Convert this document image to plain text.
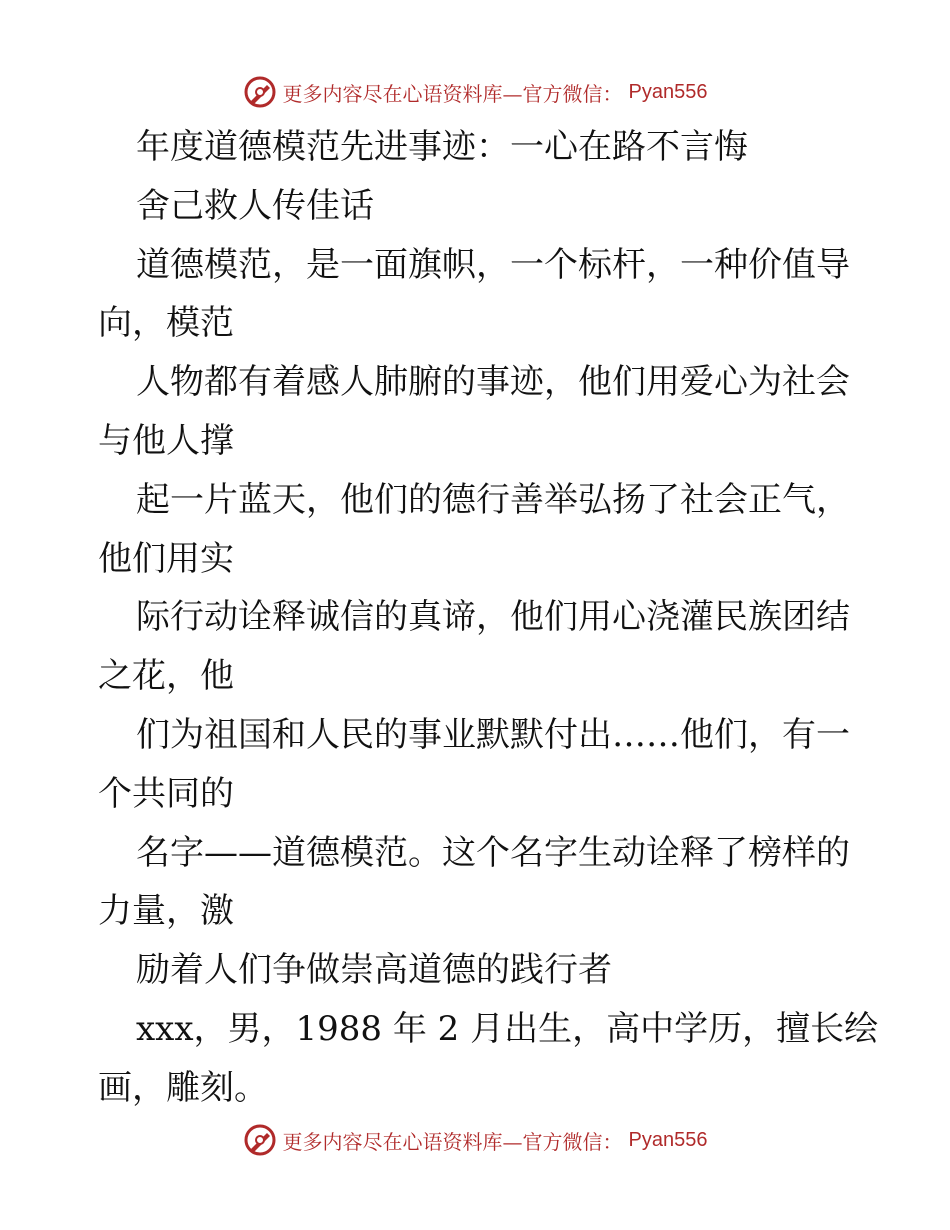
更多内容尽在心语资料库—官方微信： Pyan556
年度道德模范先进事迹：一心在路不言悔
舍己救人传佳话
道德模范，是一面旗帜，一个标杆，一种价值导
向，模范
人物都有着感人肺腑的事迹，他们用爱心为社会
与他人撑
起一片蓝天，他们的德行善举弘扬了社会正气，
他们用实
际行动诠释诚信的真谛，他们用心浇灌民族团结
之花，他
们为祖国和人民的事业默默付出……他们，有一
个共同的
名字——道德模范。这个名字生动诠释了榜样的
力量，激
励着人们争做崇高道德的践行者
xxx，男，1988 年 2 月出生，高中学历，擅长绘
画，雕刻。
更多内容尽在心语资料库—官方微信： Pyan556
